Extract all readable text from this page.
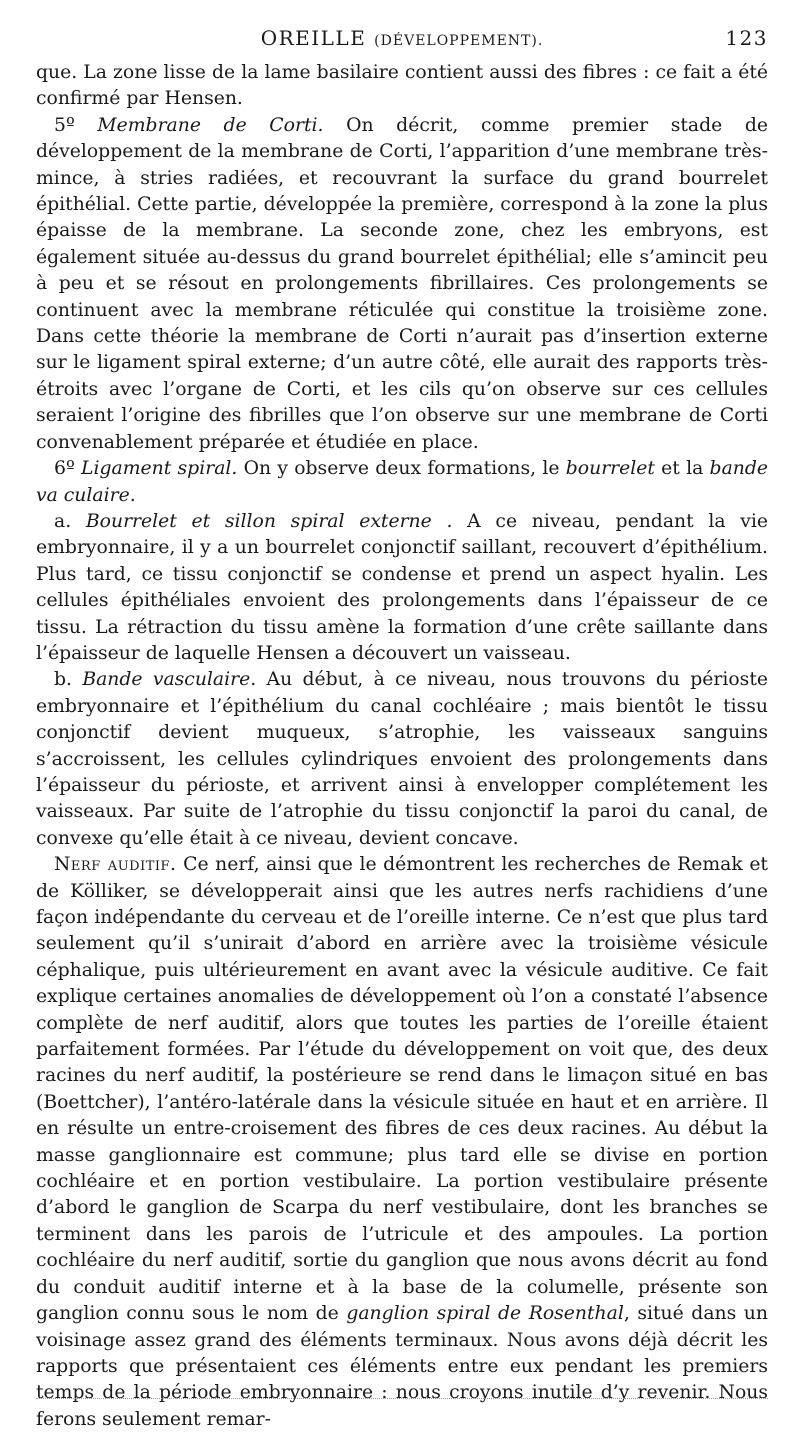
OREILLE (DÉVELOPPEMENT).	123

que. La zone lisse de la lame basilaire contient aussi des fibres : ce fait a été confirmé par Hensen.

5º Membrane de Corti. On décrit, comme premier stade de développement de la membrane de Corti, l’apparition d’une membrane très-mince, à stries radiées, et recouvrant la surface du grand bourrelet épithélial. Cette partie, développée la première, correspond à la zone la plus épaisse de la membrane. La seconde zone, chez les embryons, est également située au-dessus du grand bourrelet épithélial; elle s’amincit peu à peu et se résout en prolongements fibrillaires. Ces prolongements se continuent avec la membrane réticulée qui constitue la troisième zone. Dans cette théorie la membrane de Corti n’aurait pas d’insertion externe sur le ligament spiral externe; d’un autre côté, elle aurait des rapports très-étroits avec l’organe de Corti, et les cils qu’on observe sur ces cellules seraient l’origine des fibrilles que l’on observe sur une membrane de Corti convenablement préparée et étudiée en place.

6º Ligament spiral. On y observe deux formations, le bourrelet et la bande va culaire.

a. Bourrelet et sillon spiral externe . A ce niveau, pendant la vie embryonnaire, il y a un bourrelet conjonctif saillant, recouvert d’épithélium. Plus tard, ce tissu conjonctif se condense et prend un aspect hyalin. Les cellules épithéliales envoient des prolongements dans l’épaisseur de ce tissu. La rétraction du tissu amène la formation d’une crête saillante dans l’épaisseur de laquelle Hensen a découvert un vaisseau.

b. Bande vasculaire. Au début, à ce niveau, nous trouvons du périoste embryonnaire et l’épithélium du canal cochléaire ; mais bientôt le tissu conjonctif devient muqueux, s’atrophie, les vaisseaux sanguins s’accroissent, les cellules cylindriques envoient des prolongements dans l’épaisseur du périoste, et arrivent ainsi à envelopper complétement les vaisseaux. Par suite de l’atrophie du tissu conjonctif la paroi du canal, de convexe qu’elle était à ce niveau, devient concave.

Nerf auditif. Ce nerf, ainsi que le démontrent les recherches de Remak et de Kölliker, se développerait ainsi que les autres nerfs rachidiens d’une façon indépendante du cerveau et de l’oreille interne. Ce n’est que plus tard seulement qu’il s’unirait d’abord en arrière avec la troisième vésicule céphalique, puis ultérieurement en avant avec la vésicule auditive. Ce fait explique certaines anomalies de développement où l’on a constaté l’absence complète de nerf auditif, alors que toutes les parties de l’oreille étaient parfaitement formées. Par l’étude du développement on voit que, des deux racines du nerf auditif, la postérieure se rend dans le limaçon situé en bas (Boettcher), l’antéro-latérale dans la vésicule située en haut et en arrière. Il en résulte un entre-croisement des fibres de ces deux racines. Au début la masse ganglionnaire est commune; plus tard elle se divise en portion cochléaire et en portion vestibulaire. La portion vestibulaire présente d’abord le ganglion de Scarpa du nerf vestibulaire, dont les branches se terminent dans les parois de l’utricule et des ampoules. La portion cochléaire du nerf auditif, sortie du ganglion que nous avons décrit au fond du conduit auditif interne et à la base de la columelle, présente son ganglion connu sous le nom de ganglion spiral de Rosenthal, situé dans un voisinage assez grand des éléments terminaux. Nous avons déjà décrit les rapports que présentaient ces éléments entre eux pendant les premiers temps de la période embryonnaire : nous croyons inutile d’y revenir. Nous ferons seulement remar-
